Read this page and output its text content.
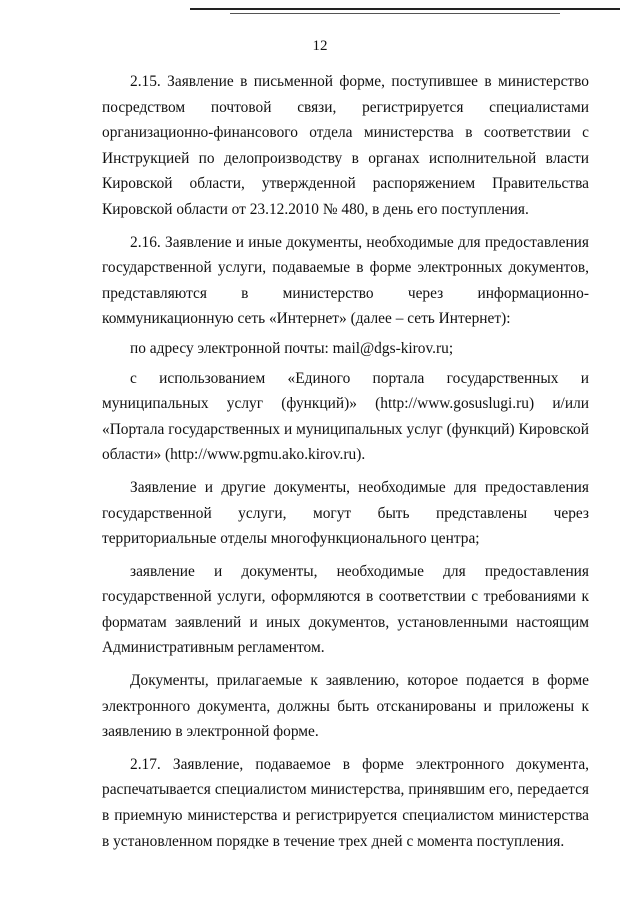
12

2.15. Заявление в письменной форме, поступившее в министерство посредством почтовой связи, регистрируется специалистами организационно-финансового отдела министерства в соответствии с Инструкцией по делопроизводству в органах исполнительной власти Кировской области, утвержденной распоряжением Правительства Кировской области от 23.12.2010 № 480, в день его поступления.

2.16. Заявление и иные документы, необходимые для предоставления государственной услуги, подаваемые в форме электронных документов, представляются в министерство через информационно-коммуникационную сеть «Интернет» (далее – сеть Интернет):

по адресу электронной почты: mail@dgs-kirov.ru;

с использованием «Единого портала государственных и муниципальных услуг (функций)» (http://www.gosuslugi.ru) и/или «Портала государственных и муниципальных услуг (функций) Кировской области» (http://www.pgmu.ako.kirov.ru).

Заявление и другие документы, необходимые для предоставления государственной услуги, могут быть представлены через территориальные отделы многофункционального центра;

заявление и документы, необходимые для предоставления государственной услуги, оформляются в соответствии с требованиями к форматам заявлений и иных документов, установленными настоящим Административным регламентом.

Документы, прилагаемые к заявлению, которое подается в форме электронного документа, должны быть отсканированы и приложены к заявлению в электронной форме.

2.17. Заявление, подаваемое в форме электронного документа, распечатывается специалистом министерства, принявшим его, передается в приемную министерства и регистрируется специалистом министерства в установленном порядке в течение трех дней с момента поступления.
